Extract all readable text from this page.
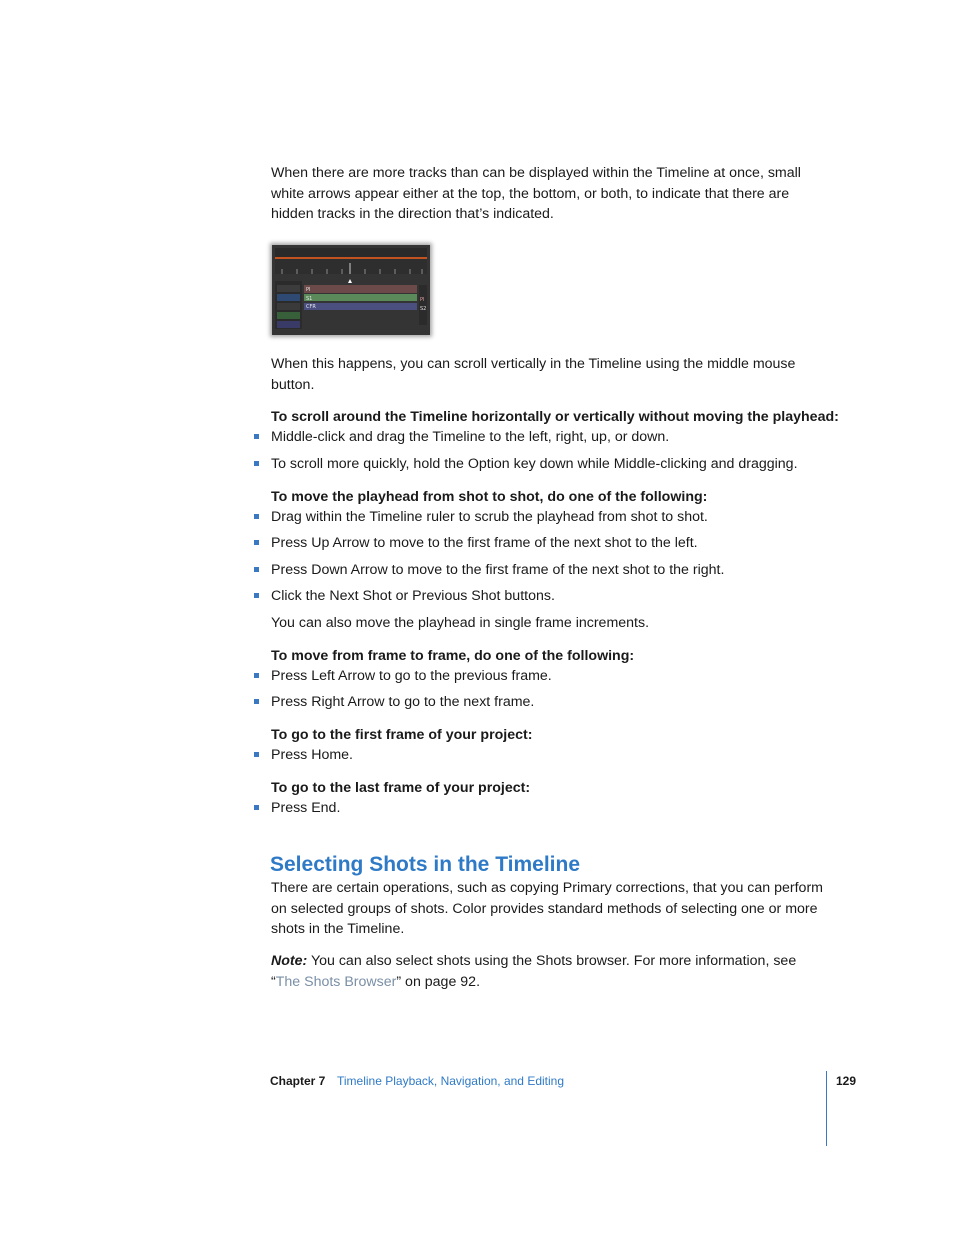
When there are more tracks than can be displayed within the Timeline at once, small white arrows appear either at the top, the bottom, or both, to indicate that there are hidden tracks in the direction that’s indicated.

PI
S1
CFR
PI
S2

When this happens, you can scroll vertically in the Timeline using the middle mouse button.

To scroll around the Timeline horizontally or vertically without moving the playhead:

Middle-click and drag the Timeline to the left, right, up, or down.

To scroll more quickly, hold the Option key down while Middle-clicking and dragging.

To move the playhead from shot to shot, do one of the following:

Drag within the Timeline ruler to scrub the playhead from shot to shot.

Press Up Arrow to move to the first frame of the next shot to the left.

Press Down Arrow to move to the first frame of the next shot to the right.

Click the Next Shot or Previous Shot buttons.

You can also move the playhead in single frame increments.

To move from frame to frame, do one of the following:

Press Left Arrow to go to the previous frame.

Press Right Arrow to go to the next frame.

To go to the first frame of your project:

Press Home.

To go to the last frame of your project:

Press End.

Selecting Shots in the Timeline

There are certain operations, such as copying Primary corrections, that you can perform on selected groups of shots. Color provides standard methods of selecting one or more shots in the Timeline.

Note: You can also select shots using the Shots browser. For more information, see
“The Shots Browser” on page 92.

Chapter 7 Timeline Playback, Navigation, and Editing	129
